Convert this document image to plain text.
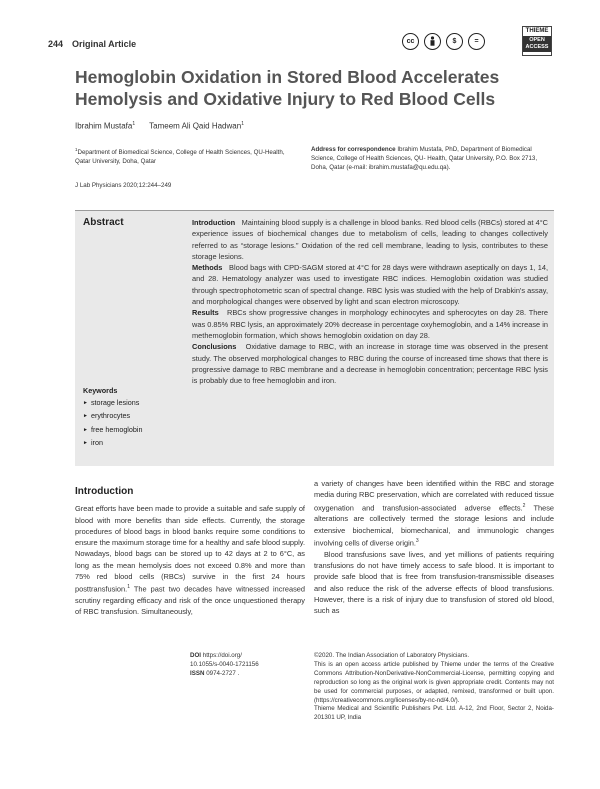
244 Original Article	cc	$	=
THIEME
OPEN ACCESS
Hemoglobin Oxidation in Stored Blood Accelerates
Hemolysis and Oxidative Injury to Red Blood Cells
Ibrahim Mustafa$^1$ Tameem Ali Qaid Hadwan$^1$
$^1$Department of Biomedical Science, College of Health Sciences, QU-Health, Qatar University, Doha, Qatar
Address for correspondence Ibrahim Mustafa, PhD, Department of Biomedical Science, College of Health Sciences, QU- Health, Qatar University, P.O. Box 2713, Doha, Qatar (e-mail: ibrahim.mustafa@qu.edu.qa).
J Lab Physicians 2020;12:244–249
Abstract
Keywords
► storage lesions
► erythrocytes
► free hemoglobin
► iron

Introduction Maintaining blood supply is a challenge in blood banks. Red blood cells (RBCs) stored at 4°C experience issues of biochemical changes due to metabolism of cells, leading to changes collectively referred to as “storage lesions.” Oxidation of the red cell membrane, leading to lysis, contributes to these storage lesions.

Methods Blood bags with CPD-SAGM stored at 4°C for 28 days were withdrawn aseptically on days 1, 14, and 28. Hematology analyzer was used to investigate RBC indices. Hemoglobin oxidation was studied through spectrophotometric scan of spectral change. RBC lysis was studied with the help of Drabkin's assay, and morphological changes were observed by light and scan electron microscopy.

Results RBCs show progressive changes in morphology echinocytes and spherocytes on day 28. There was 0.85% RBC lysis, an approximately 20% decrease in percentage oxyhemoglobin, and a 14% increase in methemoglobin formation, which shows hemoglobin oxidation on day 28.

Conclusions Oxidative damage to RBC, with an increase in storage time was observed in the present study. The observed morphological changes to RBC during the course of increased time shows that there is progressive damage to RBC membrane and a decrease in hemoglobin concentration; percentage RBC lysis is probably due to free hemoglobin and iron.

Introduction

Great efforts have been made to provide a suitable and safe supply of blood with more benefits than side effects. Currently, the storage procedures of blood bags in blood banks require some conditions to ensure the maximum storage time for a healthy and safe blood supply. Nowadays, blood bags can be stored up to 42 days at 2 to 6°C, as long as the mean hemolysis does not exceed 0.8% and more than 75% red blood cells (RBCs) survive in the first 24 hours posttransfusion.$^1$ The past two decades have witnessed increased scrutiny regarding efficacy and risk of the once unquestioned therapy of RBC transfusion. Simultaneously,

a variety of changes have been identified within the RBC and storage media during RBC preservation, which are correlated with reduced tissue oxygenation and transfusion-associated adverse effects.$^2$ These alterations are collectively termed the storage lesions and include extensive biochemical, biomechanical, and immunologic changes involving cells of diverse origin.$^3$

Blood transfusions save lives, and yet millions of patients requiring transfusions do not have timely access to safe blood. It is important to provide safe blood that is free from transfusion-transmissible diseases and also reduce the risk of the adverse effects of blood transfusions. However, there is a risk of injury due to transfusion of stored old blood, such as

DOI https://doi.org/
10.1055/s-0040-1721156
ISSN 0974-2727 .
©2020. The Indian Association of Laboratory Physicians.
This is an open access article published by Thieme under the terms of the Creative Commons Attribution-NonDerivative-NonCommercial-License, permitting copying and reproduction so long as the original work is given appropriate credit. Contents may not be used for commercial purposes, or adapted, remixed, transformed or built upon. (https://creativecommons.org/licenses/by-nc-nd/4.0/).
Thieme Medical and Scientific Publishers Pvt. Ltd. A-12, 2nd Floor, Sector 2, Noida-201301 UP, India
